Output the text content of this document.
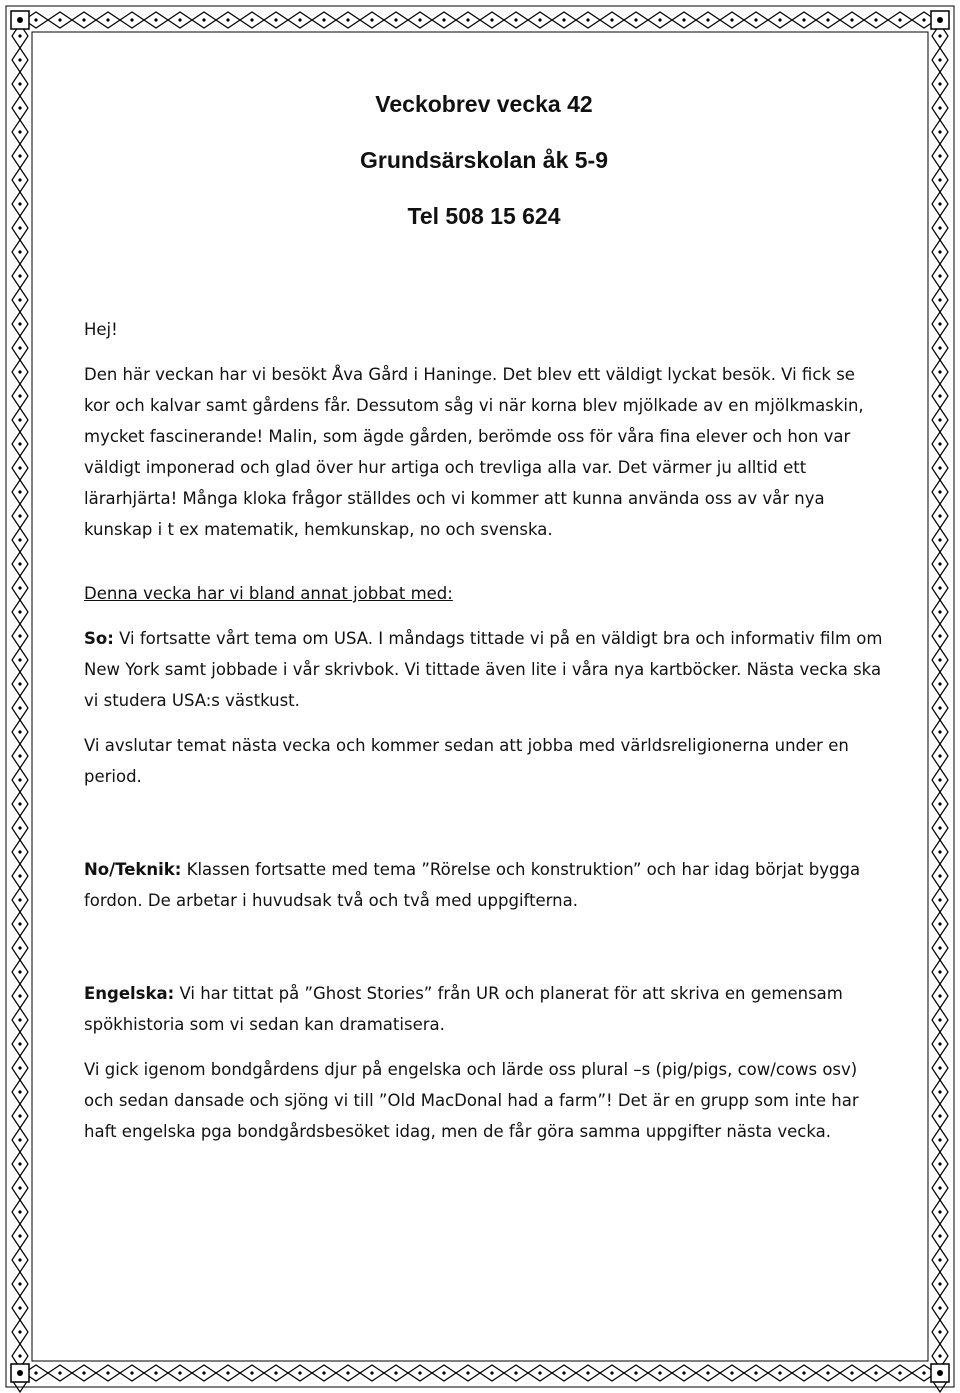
Veckobrev vecka 42

Grundsärskolan åk 5-9

Tel 508 15 624

Hej!

Den här veckan har vi besökt Åva Gård i Haninge. Det blev ett väldigt lyckat besök. Vi fick se kor och kalvar samt gårdens får. Dessutom såg vi när korna blev mjölkade av en mjölkmaskin, mycket fascinerande! Malin, som ägde gården, berömde oss för våra fina elever och hon var väldigt imponerad och glad över hur artiga och trevliga alla var. Det värmer ju alltid ett lärarhjärta! Många kloka frågor ställdes och vi kommer att kunna använda oss av vår nya kunskap i t ex matematik, hemkunskap, no och svenska.

Denna vecka har vi bland annat jobbat med:

So: Vi fortsatte vårt tema om USA. I måndags tittade vi på en väldigt bra och informativ film om New York samt jobbade i vår skrivbok. Vi tittade även lite i våra nya kartböcker. Nästa vecka ska vi studera USA:s västkust.

Vi avslutar temat nästa vecka och kommer sedan att jobba med världsreligionerna under en period.

No/Teknik: Klassen fortsatte med tema ”Rörelse och konstruktion” och har idag börjat bygga fordon. De arbetar i huvudsak två och två med uppgifterna.

Engelska: Vi har tittat på ”Ghost Stories” från UR och planerat för att skriva en gemensam spökhistoria som vi sedan kan dramatisera.

Vi gick igenom bondgårdens djur på engelska och lärde oss plural –s (pig/pigs, cow/cows osv) och sedan dansade och sjöng vi till ”Old MacDonal had a farm”! Det är en grupp som inte har haft engelska pga bondgårdsbesöket idag, men de får göra samma uppgifter nästa vecka.
